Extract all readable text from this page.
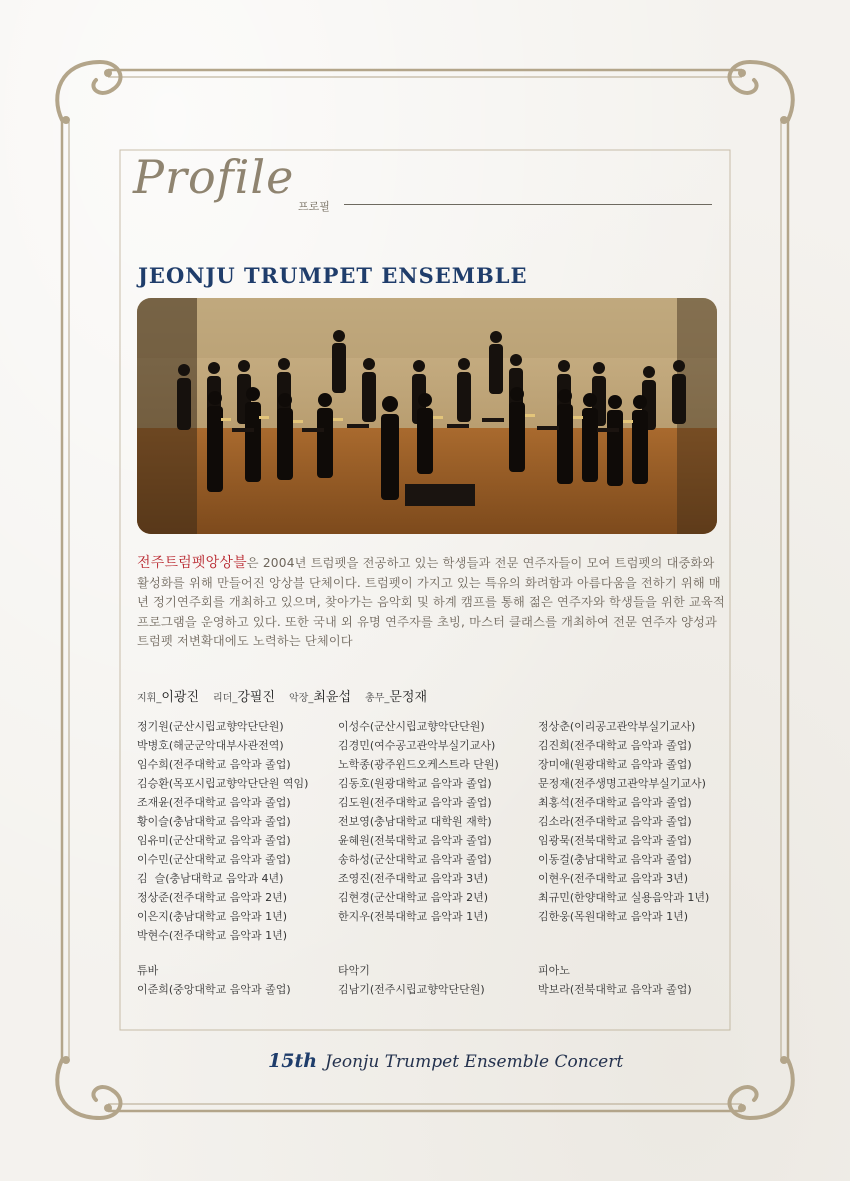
Profile
프로필
JEONJU TRUMPET ENSEMBLE
전주트럼펫앙상블은 2004년 트럼펫을 전공하고 있는 학생들과 전문 연주자들이 모여 트럼펫의 대중화와 활성화를 위해 만들어진 앙상블 단체이다. 트럼펫이 가지고 있는 특유의 화려함과 아름다움을 전하기 위해 매년 정기연주회를 개최하고 있으며, 찾아가는 음악회 및 하계 캠프를 통해 젊은 연주자와 학생들을 위한 교육적 프로그램을 운영하고 있다. 또한 국내 외 유명 연주자를 초빙, 마스터 클래스를 개최하여 전문 연주자 양성과 트럼펫 저변확대에도 노력하는 단체이다
지휘_이광진 리더_강필진 악장_최윤섭 총무_문정재
정기원(군산시립교향악단단원)
박병호(해군군악대부사관전역)
임수희(전주대학교 음악과 졸업)
김승환(목포시립교향악단단원 역임)
조재윤(전주대학교 음악과 졸업)
황이슬(충남대학교 음악과 졸업)
임유미(군산대학교 음악과 졸업)
이수민(군산대학교 음악과 졸업)
김  슬(충남대학교 음악과 4년)
정상준(전주대학교 음악과 2년)
이은지(충남대학교 음악과 1년)
박현수(전주대학교 음악과 1년)
이성수(군산시립교향악단단원)
김경민(여수공고관악부실기교사)
노학종(광주윈드오케스트라 단원)
김동호(원광대학교 음악과 졸업)
김도원(전주대학교 음악과 졸업)
전보영(충남대학교 대학원 재학)
윤혜원(전북대학교 음악과 졸업)
송하성(군산대학교 음악과 졸업)
조영진(전주대학교 음악과 3년)
김현경(군산대학교 음악과 2년)
한지우(전북대학교 음악과 1년)
정상춘(이리공고관악부실기교사)
김진희(전주대학교 음악과 졸업)
장미애(원광대학교 음악과 졸업)
문정재(전주생명고관악부실기교사)
최홍석(전주대학교 음악과 졸업)
김소라(전주대학교 음악과 졸업)
임광묵(전북대학교 음악과 졸업)
이동걸(충남대학교 음악과 졸업)
이현우(전주대학교 음악과 3년)
최규민(한양대학교 실용음악과 1년)
김한웅(목원대학교 음악과 1년)
튜바
이준희(중앙대학교 음악과 졸업)
타악기
김남기(전주시립교향악단단원)
피아노
박보라(전북대학교 음악과 졸업)
15th Jeonju Trumpet Ensemble Concert
